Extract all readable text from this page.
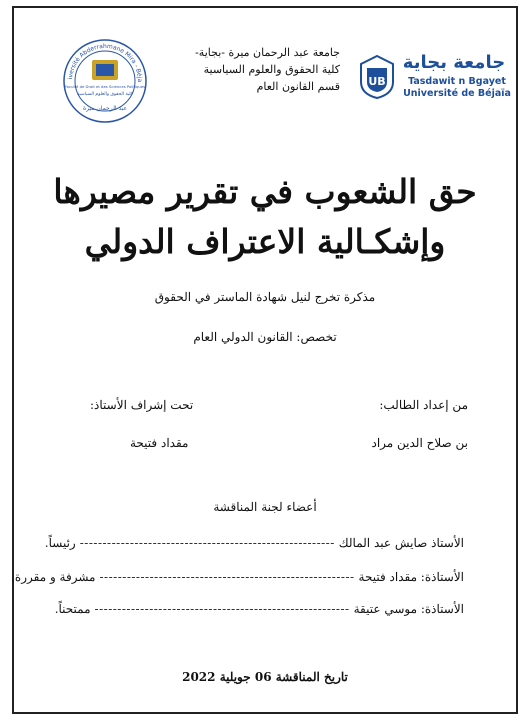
iversité Abderrahmane Mira - Béja
Faculté de Droit et des Sciences Politiques
كلية الحقوق والعلوم السياسية
عبد الرحمان ميرة
جامعة عبد الرحمان ميرة -بجاية-
كلية الحقوق والعلوم السياسية
قسم القانون العام	UB
جامعة بجاية
Tasdawit n Bgayet
Université de Béjaïa
حق الشعوب في تقرير مصيرها
وإشكـالية الاعتراف الدولي
مذكرة تخرج لنيل شهادة الماستر في الحقوق
تخصص: القانون الدولي العام
من إعداد الطالب:
بن صلاح الدين مراد
تحت إشراف الأستاذ:
مقداد فتيحة
أعضاء لجنة المناقشة
الأستاذ صايش عبد المالك
--------------------------------------------------------
رئيساً.
الأستاذة: مقداد فتيحة
--------------------------------------------------------
مشرفة و مقررة.
الأستاذة: موسي عتيقة
--------------------------------------------------------
ممتحناً.
تاريخ المناقشة 06 جويلية 2022
